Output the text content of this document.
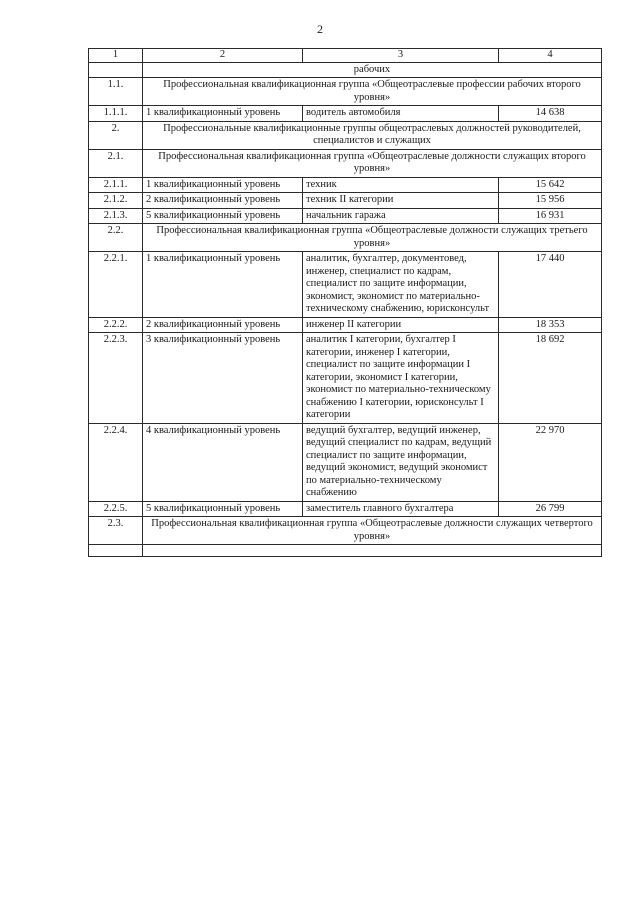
2
1	2	3	4
	рабочих		
1.1.	Профессиональная квалификационная группа «Общеотраслевые профессии рабочих второго уровня»		
1.1.1.	1 квалификационный уровень	водитель автомобиля	14 638
2.	Профессиональные квалификационные группы общеотраслевых должностей руководителей, специалистов и служащих		
2.1.	Профессиональная квалификационная группа «Общеотраслевые должности служащих второго уровня»		
2.1.1.	1 квалификационный уровень	техник	15 642
2.1.2.	2 квалификационный уровень	техник II категории	15 956
2.1.3.	5 квалификационный уровень	начальник гаража	16 931
2.2.	Профессиональная квалификационная группа «Общеотраслевые должности служащих третьего уровня»		
2.2.1.	1 квалификационный уровень	аналитик, бухгалтер, документовед, инженер, специалист по кадрам, специалист по защите информации, экономист, экономист по материально-техническому снабжению, юрисконсульт	17 440
2.2.2.	2 квалификационный уровень	инженер II категории	18 353
2.2.3.	3 квалификационный уровень	аналитик I категории, бухгалтер I категории, инженер I категории, специалист по защите информации I категории, экономист I категории, экономист по материально-техническому снабжению I категории, юрисконсульт I категории	18 692
2.2.4.	4 квалификационный уровень	ведущий бухгалтер, ведущий инженер, ведущий специалист по кадрам, ведущий специалист по защите информации, ведущий экономист, ведущий экономист по материально-техническому снабжению	22 970
2.2.5.	5 квалификационный уровень	заместитель главного бухгалтера	26 799
2.3.	Профессиональная квалификационная группа «Общеотраслевые должности служащих четвертого уровня»		
